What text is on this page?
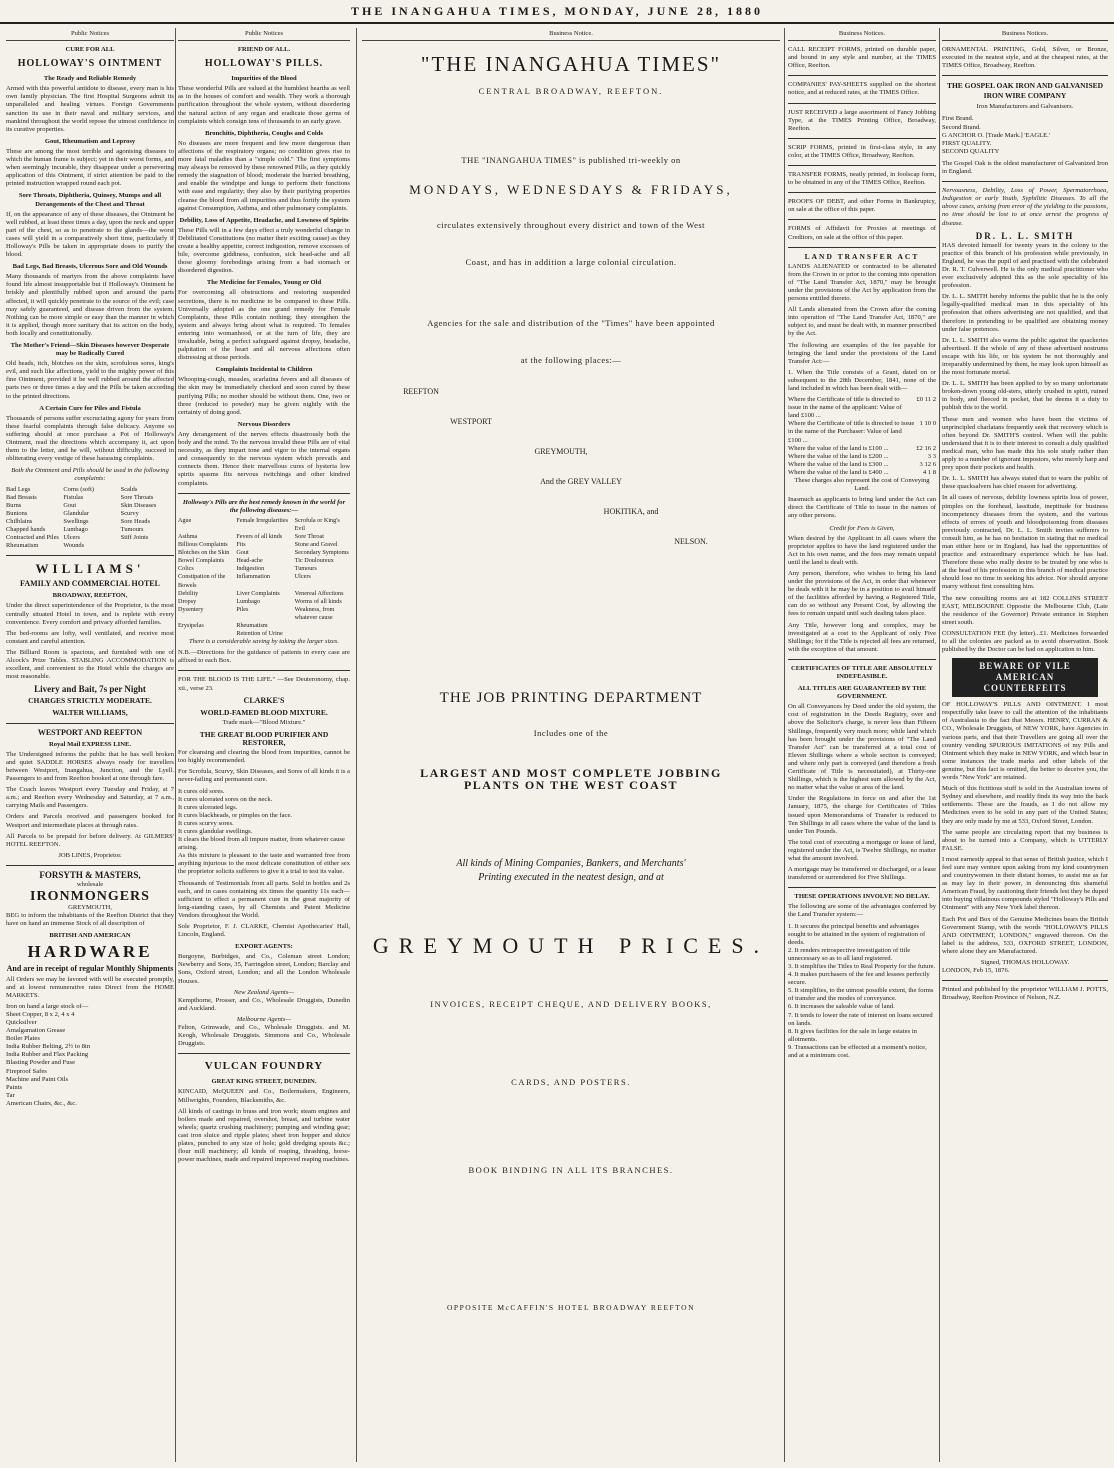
THE INANGAHUA TIMES, MONDAY, JUNE 28, 1880
Public Notices
CURE FOR ALL
HOLLOWAY'S OINTMENT
The Ready and Reliable Remedy

Armed with this powerful antidote to disease, every man is his own family physician. The first Hospital Surgeons admit its unparalleled and healing virtues. Foreign Governments sanction its use in their naval and military services, and mankind throughout the world repose the utmost confidence in its curative properties.

Gout, Rheumatism and Leprosy

These are among the most terrible and agonising diseases to which the human frame is subject; yet in their worst forms, and when seemingly incurable, they disappear under a persevering application of this Ointment, if strict attention be paid to the printed instruction wrapped round each pot.

Sore Throats, Diphtheria, Quinsey, Mumps and all Derangements of the Chest and Throat

If, on the appearance of any of these diseases, the Ointment be well rubbed, at least three times a day, upon the neck and upper part of the chest, so as to penetrate to the glands—the worst cases will yield in a comparatively short time, particularly if Holloway's Pills be taken in appropriate doses to purify the blood.

Bad Legs, Bad Breasts, Ulcerous Sore and Old Wounds

Many thousands of martyrs from the above complaints have found life almost insupportable but if Holloway's Ointment be briskly and plentifully rubbed upon and around the parts affected, it will quickly penetrate to the source of the evil; case may safely guaranteed, and disease driven from the system. Nothing can be more simple or easy than the manner in which it is applied, though more sanitary that its action on the body, both locally and constitutionally.

The Mother's Friend—Skin Diseases however Desperate may be Radically Cured

Old heads, itch, blotches on the skin, scrofulous sores, king's evil, and such like affections, yield to the mighty power of this fine Ointment, provided it be well rubbed around the affected parts two or three times a day and the Pills be taken according to the printed directions.

A Certain Cure for Piles and Fistula

Thousands of persons suffer excruciating agony for years from these fearful complaints through false delicacy. Anyone so suffering should at once purchase a Pot of Holloway's Ointment, read the directions which accompany it, act upon them to the letter, and he will, without difficulty, succeed in obliterating every vestige of these harassing complaints.

Both the Ointment and Pills should be used in the following complaints:
Bad Legs	Corns (soft)	Scalds
Bad Breasts	Fistulas	Sore Throats
Burns	Gout	Skin Diseases
Bunions	Glandular	Scurvy
Chilblains	Swellings	Sore Heads
Chapped hands	Lumbago	Tumours
Contracted and Piles Ulcers	Stiff Joints
Rheumatism	Wounds
WILLIAMS'
FAMILY AND COMMERCIAL HOTEL
BROADWAY, REEFTON,

Under the direct superintendence of the Proprietor, is the most centrally situated Hotel in town, and is replete with every convenience. Every comfort and privacy afforded families.

The bed-rooms are lofty, well ventilated, and receive most constant and careful attention.

The Billiard Room is spacious, and furnished with one of Alcock's Prize Tables. STABLING ACCOMMODATION is excellent, and convenient to the Hotel while the charges are most reasonable.

Livery and Bait, 7s per Night
CHARGES STRICTLY MODERATE.
WALTER WILLIAMS,
WESTPORT AND REEFTON
Royal Mail EXPRESS LINE.

The Undersigned informs the public that he has well broken and quiet SADDLE HORSES always ready for travellers between Westport, Inangahua, Junction, and the Lyell. Passengers to and from Reefton booked at one through fare.

The Coach leaves Westport every Tuesday and Friday, at 7 a.m.; and Reefton every Wednesday and Saturday, at 7 a.m., carrying Mails and Passengers.

Orders and Parcels received and passengers booked for Westport and intermediate places at through rates.

All Parcels to be prepaid for before delivery. At GILMERS' HOTEL REEFTON.

JOB LINES, Proprietor.
FORSYTH & MASTERS,
wholesale
IRONMONGERS
GREYMOUTH,

BEG to inform the inhabitants of the Reefton District that they have on hand an immense Stock of all description of

BRITISH AND AMERICAN
HARDWARE
And are in receipt of regular Monthly Shipments

All Orders we may be favored with will be executed promptly, and at lowest remunerative rates Direct from the HOME MARKETS.

Iron on hand a large stock of—
Sheet Copper, 8 x 2, 4 x 4
Quicksilver
Amalgamation Grease
Boiler Plates
India Rubber Belting, 2½ to 8in
India Rubber and Flax Packing
Blasting Powder and Fuse
Fireproof Safes
Machine and Paint Oils
Paints
Tar
American Chairs, &c., &c.
Public Notices
FRIEND OF ALL.
HOLLOWAY'S PILLS.
Impurities of the Blood

These wonderful Pills are valued at the humblest hearths as well as in the houses of comfort and wealth. They work a thorough purification throughout the whole system, without disordering the natural action of any organ and eradicate those germs of complaints which consign tens of thousands to an early grave.

Bronchitis, Diphtheria, Coughs and Colds

No diseases are more frequent and few more dangerous than affections of the respiratory organs; no condition gives rise to more fatal maladies than a "simple cold." The first symptoms may always be removed by these renowned Pills, as they quickly remedy the stagnation of blood; moderate the hurried breathing, and enable the windpipe and lungs to perform their functions with ease and regularity; they also by their purifying properties cleanse the blood from all impurities and thus fortify the system against Consumption, Asthma, and other pulmonary complaints.

Debility, Loss of Appetite, Headache, and Lowness of Spirits

These Pills will in a few days effect a truly wonderful change in Debilitated Constitutions (no matter their exciting cause) as they create a healthy appetite, correct indigestion, remove excesses of bile, overcome giddiness, confusion, sick head-ache and all those gloomy forebodings arising from a bad stomach or disordered digestion.

The Medicine for Females, Young or Old

For overcoming all obstructions and restoring suspended secretions, there is no medicine to be compared to these Pills. Universally adopted as the one grand remedy for Female Complaints, these Pills contain nothing; they strengthen the system and always bring about what is required. To females entering into womanhood, or at the turn of life, they are invaluable, being a perfect safeguard against dropsy, headache, palpitation of the heart and all nervous affections often distressing at those periods.

Complaints Incidental to Children

Whooping-cough, measles, scarlatina fevers and all diseases of the skin may be immediately checked and soon cured by these purifying Pills; no mother should be without them. One, two or three (reduced to powder) may be given nightly with the certainty of doing good.

Nervous Disorders

Any derangement of the nerves effects disastrously both the body and the mind. To the nervous invalid these Pills are of vital necessity, as they impart tone and vigor to the internal organs and consequently to the nervous system which prevails and connects them. Hence their marvellous cures of hysteria low spirits spasms fits nervous twitchings and other kindred complaints.

Holloway's Pills are the best remedy known in the world for the following diseases:—
Ague	Female Irregularities	Scrofula or King's Evil
Asthma	Fevers of all kinds	Sore Throat
Billious Complaints	Fits	Stone and Gravel
Blotches on the Skin	Gout	Secondary Symptoms
Bowel Complaints	Head-ache	Tic Douloureux
Colics	Indigestion	Tumours
Constipation of the Bowels
Inflammation	Ulcers
Debility	Liver Complaints	Venereal Affections
Dropsy	Lumbago	Worms of all kinds
Dysentery	Piles	Weakness, from whatever cause
Erysipelas	Rheumatism
Retention of Urine

There is a considerable saving by taking the larger sizes.

N.B.—Directions for the guidance of patients in every case are affixed to each Box.

FOR THE BLOOD IS THE LIFE." —See Deuteronomy, chap. xii., verse 23.

CLARKE'S
WORLD-FAMED BLOOD MIXTURE.
Trade mark—"Blood Mixture."
THE GREAT BLOOD PURIFIER AND RESTORER,

For cleansing and clearing the blood from impurities, cannot be too highly recommended.

For Scrofula, Scurvy, Skin Diseases, and Sores of all kinds it is a never-failing and permanent cure.

It cures old sores.
It cures ulcerated sores on the neck.
It cures ulcerated legs.
It cures blackheads, or pimples on the face.
It cures scurvy sores.
It cures glandular swellings.
It clears the blood from all impure matter, from whatever cause arising.

As this mixture is pleasant to the taste and warranted free from anything injurious to the most delicate constitution of either sex the proprietor solicits sufferers to give it a trial to test its value.

Thousands of Testimonials from all parts. Sold in bottles and 2s each, and in cases containing six times the quantity 11s each—sufficient to effect a permanent cure in the great majority of long-standing cases, by all Chemists and Patent Medicine Vendors throughout the World.

Sole Proprietor, F. J. CLARKE, Chemist Apothecaries' Hall, Lincoln, England.

EXPORT AGENTS:

Burgoyne, Burbidges, and Co., Coleman street London; Newberry and Sons, 35, Farringdon street, London; Barclay and Sons, Oxford street, London; and all the London Wholesale Houses.

New Zealand Agents—

Kempthorne, Prosser, and Co., Wholesale Druggists, Dunedin and Auckland.

Melbourne Agents—

Felton, Grimwade, and Co., Wholesale Druggists. and M. Keogh, Wholesale Druggists. Simmons and Co., Wholesale Druggists.

VULCAN FOUNDRY
GREAT KING STREET, DUNEDIN.

KINCAID, McQUEEN and Co., Boilermakers, Engineers, Millwrights, Founders, Blacksmiths, &c.

All kinds of castings in brass and iron work; steam engines and boilers made and repaired, overshot, breast, and turbine water wheels; quartz crushing machinery; pumping and winding gear; cast iron sluice and ripple plates; sheet iron hopper and sluice plates, punched to any size of hole; gold dredging spouts &c.; flour mill machinery; all kinds of reaping, thrashing, horse-power machines, made and repaired improved reaping machines.

Business Notice.
"THE INANGAHUA TIMES"
CENTRAL BROADWAY, REEFTON.
THE "INANGAHUA TIMES" is published tri-weekly on
MONDAYS, WEDNESDAYS & FRIDAYS,
circulates extensively throughout every district and town of the West
Coast, and has in addition a large colonial circulation.
Agencies for the sale and distribution of the "Times" have been appointed
at the following places:—
REEFTON
WESTPORT
GREYMOUTH,
And the GREY VALLEY
HOKITIKA, and
NELSON.
THE JOB PRINTING DEPARTMENT
Includes one of the
LARGEST AND MOST COMPLETE JOBBING
PLANTS ON THE WEST COAST
All kinds of Mining Companies, Bankers, and Merchants'
Printing executed in the neatest design, and at
GREYMOUTH PRICES.
INVOICES, RECEIPT CHEQUE, AND DELIVERY BOOKS,
CARDS, AND POSTERS.
BOOK BINDING IN ALL ITS BRANCHES.
OPPOSITE McCAFFIN'S HOTEL BROADWAY REEFTON
Business Notices.

CALL RECEIPT FORMS, printed on durable paper, and bound in any style and number, at the TIMES Office, Reefton.

COMPANIES' PAY-SHEETS supplied on the shortest notice, and at reduced rates, at the TIMES Office.

JUST RECEIVED a large assortment of Fancy Jobbing Type, at the TIMES Printing Office, Broadway, Reefton.

SCRIP FORMS, printed in first-class style, in any color, at the TIMES Office, Broadway, Reefton.

TRANSFER FORMS, neatly printed, in foolscap form, to be obtained in any of the TIMES Office, Reefton.

PROOFS OF DEBT, and other Forms in Bankruptcy, on sale at the office of this paper.

FORMS of Affidavit for Proxies at meetings of Creditors, on sale at the office of this paper.

LAND TRANSFER ACT

LANDS ALIENATED or contracted to be alienated from the Crown in or prior to the coming into operation of "The Land Transfer Act, 1870," may be brought under the provisions of the Act by application from the persons entitled thereto.

All Lands alienated from the Crown after the coming into operation of "The Land Transfer Act, 1870," are subject to, and must be dealt with, in manner prescribed by the Act.

The following are examples of the fee payable for bringing the land under the provisions of the Land Transfer Act:—

1. When the Title consists of a Grant, dated on or subsequent to the 28th December, 1841, none of the land included in which has been dealt with—

Where the Certificate of title is directed to issue in the name of the applicant: Value of land £100 ...
£0 11 2
Where the Certificate of title is directed to issue in the name of the Purchaser: Value of land £100 ...
1 10 0
Where the value of the land is £100 ...	£2 16 2
Where the value of the land is £200 ...	3 3
Where the value of the land is £300 ...	3 12 6
Where the value of the land is £400 ...	4 1 8

These charges also represent the cost of Conveying Land.

Inasmuch as applicants to bring land under the Act can direct the Certificate of Title to issue in the names of any other persons.

Credit for Fees is Given,

When desired by the Applicant in all cases where the proprietor applies to have the land registered under the Act in his own name, and the fees may remain unpaid until the land is dealt with.

Any person, therefore, who wishes to bring his land under the provisions of the Act, in order that whenever he deals with it he may be in a position to avail himself of the facilities afforded by having a Registered Title, can do so without any Present Cost, by allowing the fees to remain unpaid until such dealing takes place.

Any Title, however long and complex, may be investigated at a cost to the Applicant of only Five Shillings; for if the Title is rejected all fees are returned, with the exception of that amount.

CERTIFICATES OF TITLE ARE ABSOLUTELY INDEFEASIBLE.
ALL TITLES ARE GUARANTEED BY THE GOVERNMENT.

On all Conveyances by Deed under the old system, the cost of registration in the Deeds Registry, over and above the Solicitor's charge, is never less than Fifteen Shillings, frequently very much more; while land which has been brought under the provisions of "The Land Transfer Act" can be transferred at a total cost of Eleven Shillings where a whole section is conveyed; and where only part is conveyed (and therefore a fresh Certificate of Title is necessitated), at Thirty-one Shillings, which is the highest sum allowed by the Act, no matter what the value or area of the land.

Under the Regulations in force on and after the 1st January, 1875, the charge for Certificates of Titles issued upon Memorandums of Transfer is reduced to Ten Shillings in all cases where the value of the land is under Ten Pounds.

The total cost of executing a mortgage or lease of land, registered under the Act, is Twelve Shillings, no matter what the amount involved.

A mortgage may be transferred or discharged, or a lease transferred or surrendered for Five Shillings.

THESE OPERATIONS INVOLVE NO DELAY.

The following are some of the advantages conferred by the Land Transfer system:—

1. It secures the principal benefits and advantages sought to be attained in the system of registration of deeds.
2. It renders retrospective investigation of title unnecessary so as to all land registered.
3. It simplifies the Titles to Real Property for the future.
4. It makes purchasers of the fee and lessees perfectly secure.
5. It simplifies, to the utmost possible extent, the forms of transfer and the modes of conveyance.
6. It increases the saleable value of land.
7. It tends to lower the rate of interest on loans secured on lands.
8. It gives facilities for the sale in large estates in allotments.
9. Transactions can be effected at a moment's notice, and at a minimum cost.
Business Notices.

ORNAMENTAL PRINTING, Gold, Silver, or Bronze, executed in the neatest style, and at the cheapest rates, at the TIMES Office, Broadway, Reefton.

THE GOSPEL OAK IRON AND GALVANISED IRON WIRE COMPANY
Iron Manufacturers and Galvanisers.
First Brand.
Second Brand.
G ANCHOR O. [Trade Mark.] 'EAGLE.'
FIRST QUALITY.
SECOND QUALITY

The Gospel Oak is the oldest manufacturer of Galvanized Iron in England.

Nervousness, Debility, Loss of Power, Spermatorrhoea, Indigestion or early Youth, Syphilitic Diseases. To all the above cases, arising from error of the yielding to the passions, no time should be lost to at once arrest the progress of disease.

DR. L. L. SMITH

HAS devoted himself for twenty years in the colony to the practice of this branch of his profession while previously, in England, he was the pupil of and practised with the celebrated Dr. R. T. Culverwell. He is the only medical practitioner who ever exclusively adopted this as the sole speciality of his profession.

Dr. L. L. SMITH hereby informs the public that he is the only legally-qualified medical man in this speciality of his profession that others advertising are not qualified, and that therefore in pretending to be qualified are obtaining money under false pretences.

Dr. L. L. SMITH also warns the public against the quackeries advertised. If the whole of any of these advertised nostrums escape with his life, or his system be not thoroughly and irreparably undermined by them, he may look upon himself as the most fortunate mortal.

Dr. L. L. SMITH has been applied to by so many unfortunate broken-down young old-sters, utterly crushed in spirit, ruined in body, and fleeced in pocket, that he deems it a duty to publish this to the world.

These men and women who have been the victims of unprincipled charlatans frequently seek that recovery which is often beyond Dr. SMITH'S control. When will the public understand that it is to their interest to consult a duly qualified medical man, who has made this his sole study rather than apply to a number of ignorant impostors, who merely harp and prey upon their pockets and health.

Dr. L. L. SMITH has always stated that to warn the public of these quacksalvers has chief reason for advertising.

In all cases of nervous, debility lowness spirits loss of power, pimples on the forehead, lassitude, ineptitude for business incompetency diseases from the system, and the various effects of errors of youth and bloodpoisoning from diseases previously contracted, Dr. L. L. Smith invites sufferers to consult him, as he has no hesitation in stating that no medical man either here or in England, has had the opportunities of practice and extraordinary experience which he has had. Therefore those who really desire to be treated by one who is at the head of his profession in this branch of medical practice should lose no time in seeking his advice. Nor should anyone marry without first consulting him.

The new consulting rooms are at 182 COLLINS STREET EAST, MELBOURNE Opposite the Melbourne Club, (Late the residence of the Governor) Private entrance in Stephen street south.

CONSULTATION FEE (by letter)...£1. Medicines forwarded to all the colonies are packed as to avoid observation. Book published by the Doctor can be had on application to him.

BEWARE OF VILE
AMERICAN COUNTERFEITS

OF HOLLOWAY'S PILLS AND OINTMENT. I most respectfully take leave to call the attention of the inhabitants of Australasia to the fact that Messrs. HENRY, CURRAN & CO., Wholesale Druggists, of NEW YORK, have Agencies in various parts, and that their Travellers are going all over the country vending SPURIOUS IMITATIONS of my Pills and Ointment which they make in NEW YORK, and which bear in some instances the trade marks and other labels of the genuine, but this fact is omitted, the better to deceive you, the words "New York" are retained.

Much of this fictitious stuff is sold in the Australian towns of Sydney and elsewhere, and readily finds its way into the back settlements. These are the frauds, as I do not allow my Medicines even to be sold in any part of the United States; they are only made by me at 533, Oxford Street, London.

The same people are circulating report that my business is about to be turned into a Company, which is UTTERLY FALSE.

I most earnestly appeal to that sense of British justice, which I feel sure may venture upon asking from my kind countrymen and countrywomen in their distant homes, to assist me as far as may lay in their power, in denouncing this shameful American Fraud, by cautioning their friends lest they be duped into buying villainous compounds styled "Holloway's Pills and Ointment" with any New York label thereon.

Each Pot and Box of the Genuine Medicines bears the British Government Stamp, with the words "HOLLOWAY'S PILLS AND OINTMENT, LONDON," engraved thereon. On the label is the address, 533, OXFORD STREET, LONDON, where alone they are Manufactured.

Signed, THOMAS HOLLOWAY.
LONDON, Feb 15, 1876.

Printed and published by the proprietor WILLIAM J. POTTS, Broadway, Reefton Province of Nelson, N.Z.
